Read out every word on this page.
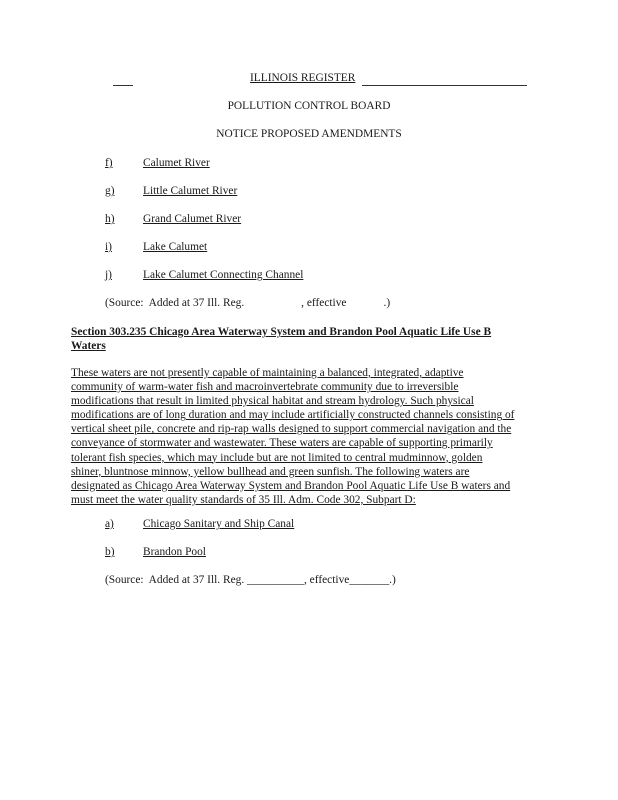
ILLINOIS REGISTER
POLLUTION CONTROL BOARD
NOTICE PROPOSED AMENDMENTS
f)	Calumet River
g)	Little Calumet River
h)	Grand Calumet River
i)	Lake Calumet
j)	Lake Calumet Connecting Channel
(Source:  Added at 37 Ill. Reg.                    , effective             .)
Section 303.235 Chicago Area Waterway System and Brandon Pool Aquatic Life Use B
Waters
These waters are not presently capable of maintaining a balanced, integrated, adaptive
community of warm-water fish and macroinvertebrate community due to irreversible
modifications that result in limited physical habitat and stream hydrology. Such physical
modifications are of long duration and may include artificially constructed channels consisting of
vertical sheet pile, concrete and rip-rap walls designed to support commercial navigation and the
conveyance of stormwater and wastewater. These waters are capable of supporting primarily
tolerant fish species, which may include but are not limited to central mudminnow, golden
shiner, bluntnose minnow, yellow bullhead and green sunfish. The following waters are
designated as Chicago Area Waterway System and Brandon Pool Aquatic Life Use B waters and
must meet the water quality standards of 35 Ill. Adm. Code 302, Subpart D:
a)	Chicago Sanitary and Ship Canal
b)	Brandon Pool
(Source:  Added at 37 Ill. Reg. __________, effective_______.)
